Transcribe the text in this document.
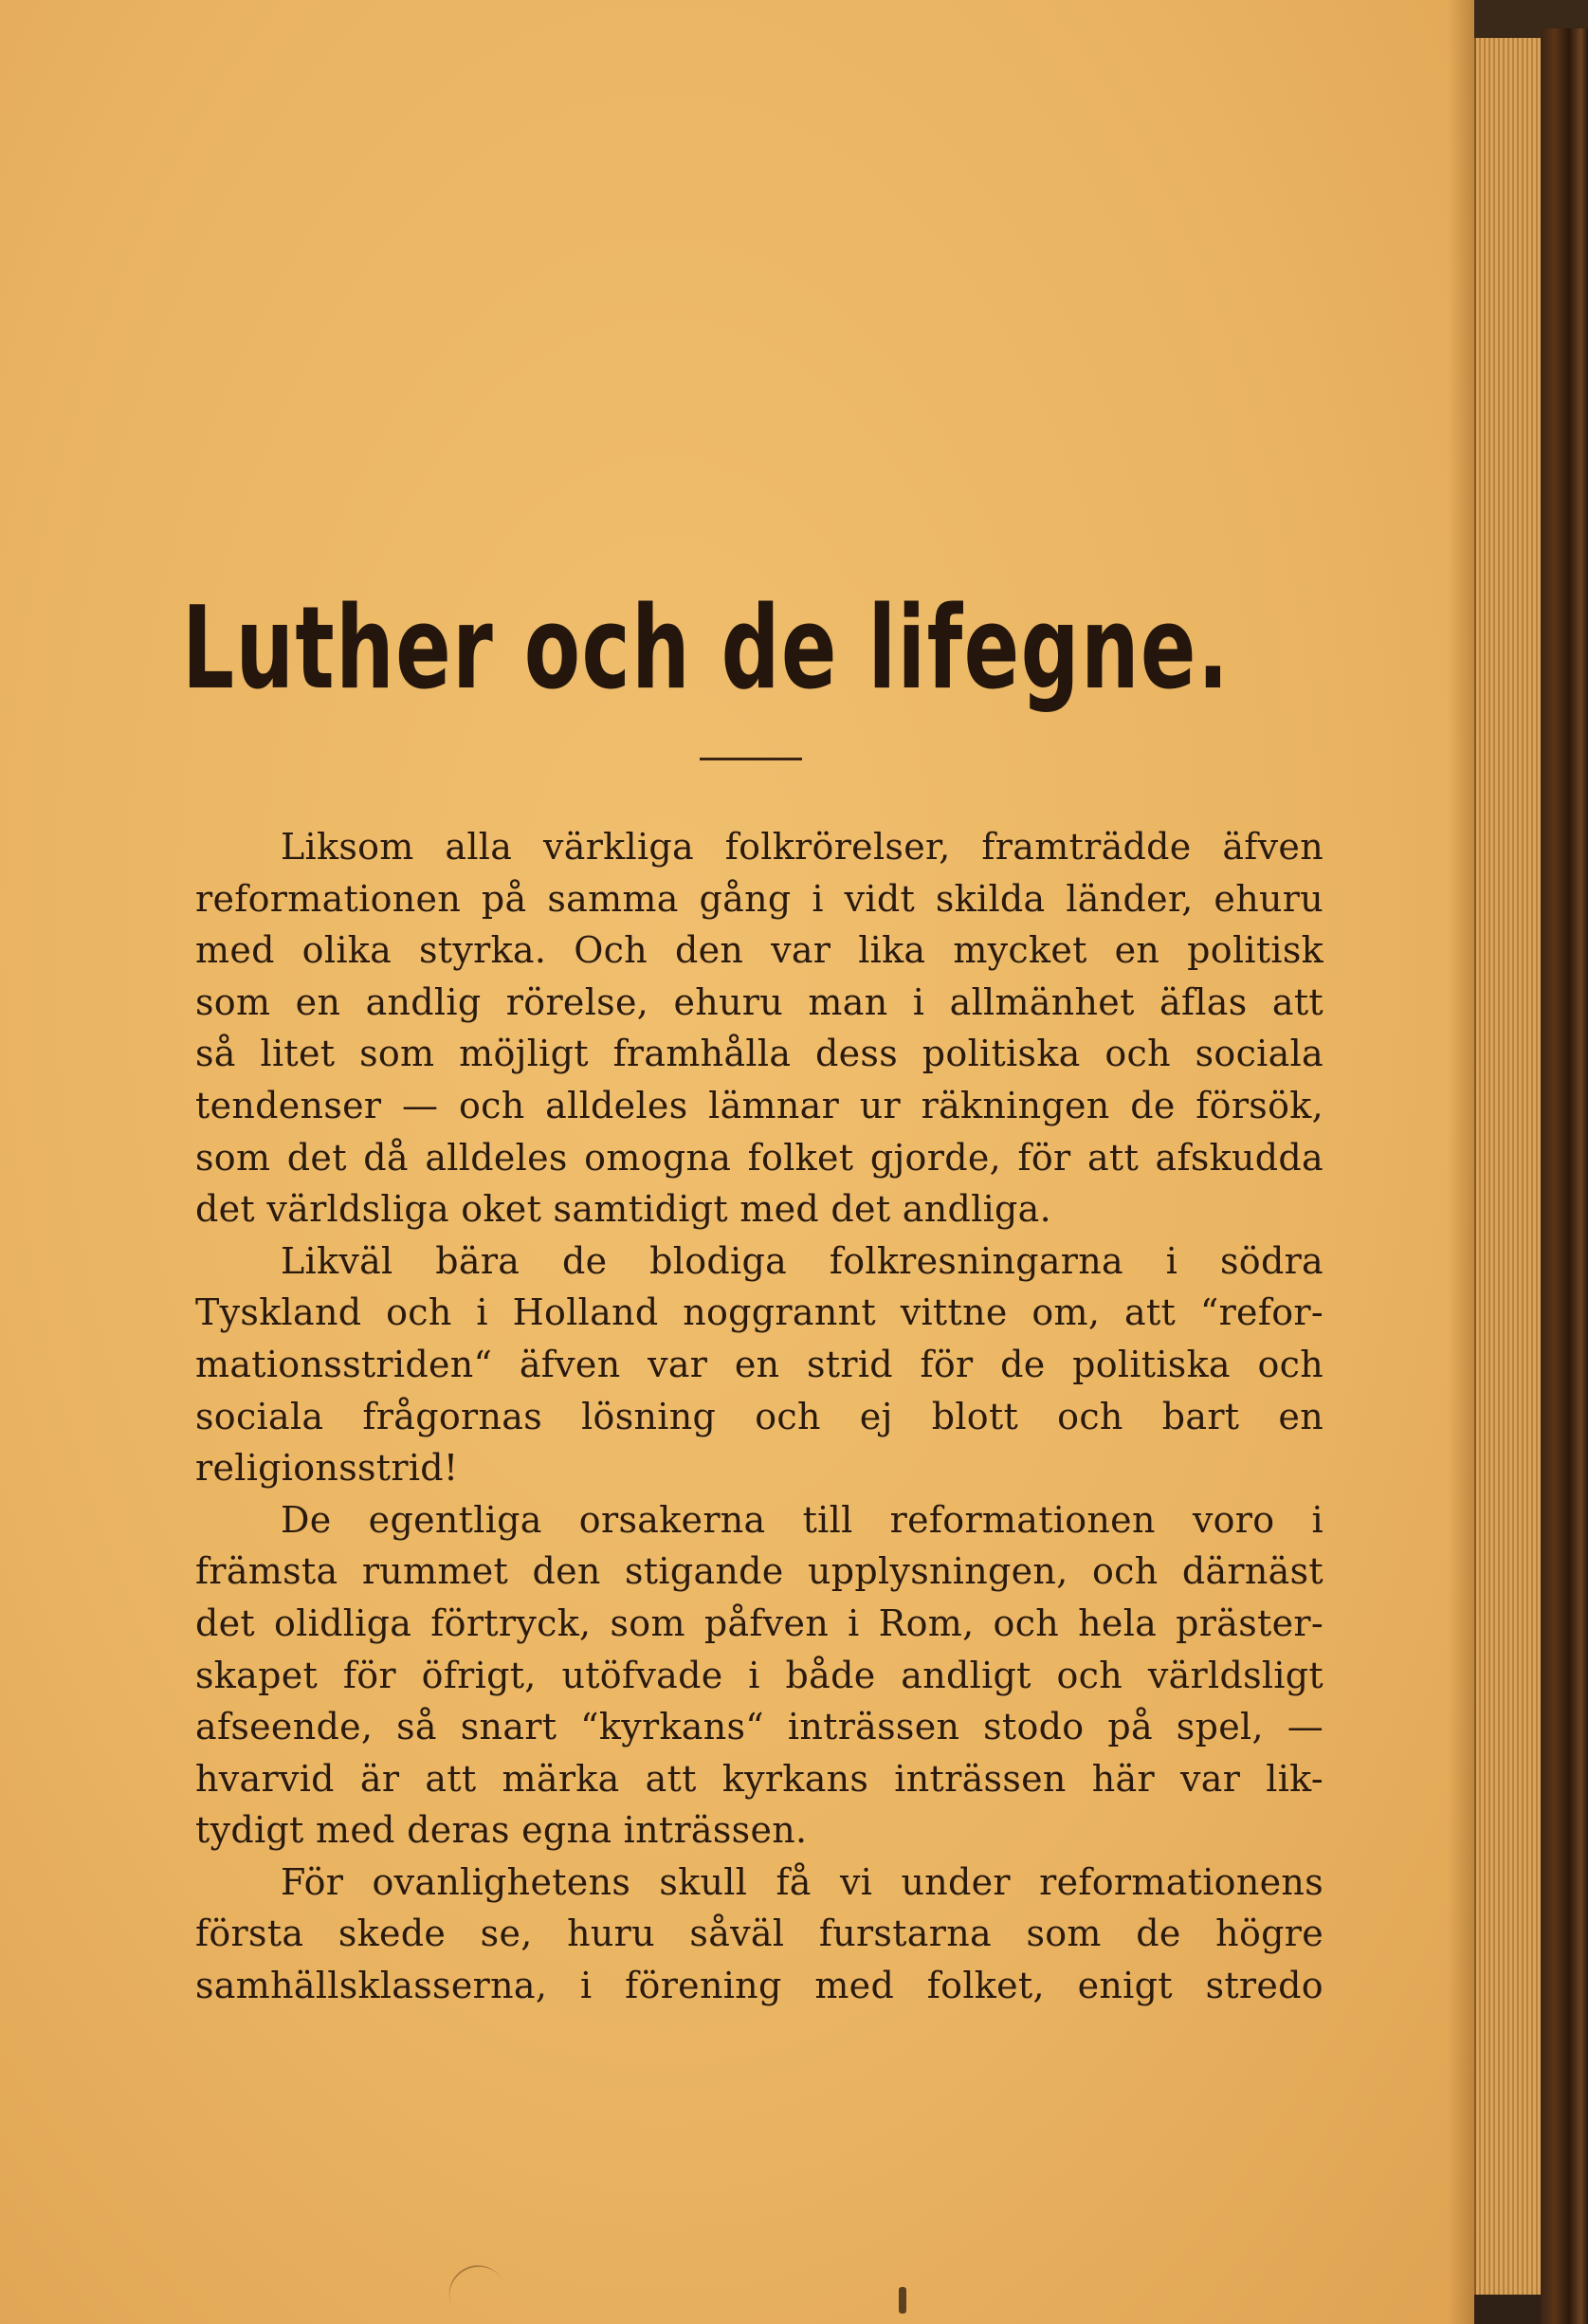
Luther och de lifegne.
Liksom alla värkliga folkrörelser, framträdde äfven
reformationen på samma gång i vidt skilda länder, ehuru med olika styrka. Och den var lika mycket en politisk som en andlig rörelse, ehuru man i allmänhet äflas att så litet som möjligt framhålla dess politiska och sociala tendenser — och alldeles lämnar ur räkningen de försök, som det då alldeles omogna folket gjorde, för att afskudda
det världsliga oket samtidigt med det andliga.
Likväl bära de blodiga folkresningarna i södra
Tyskland och i Holland noggrannt vittne om, att “refor- mationsstriden“ äfven var en strid för de politiska och sociala frågornas lösning och ej blott och bart en
religionsstrid!
De egentliga orsakerna till reformationen voro i
främsta rummet den stigande upplysningen, och därnäst det olidliga förtryck, som påfven i Rom, och hela präster- skapet för öfrigt, utöfvade i både andligt och världsligt afseende, så snart “kyrkans“ inträssen stodo på spel, — hvarvid är att märka att kyrkans inträssen här var lik-
tydigt med deras egna inträssen.
För ovanlighetens skull få vi under reformationens
första skede se, huru såväl furstarna som de högre samhällsklasserna, i förening med folket, enigt stredo
